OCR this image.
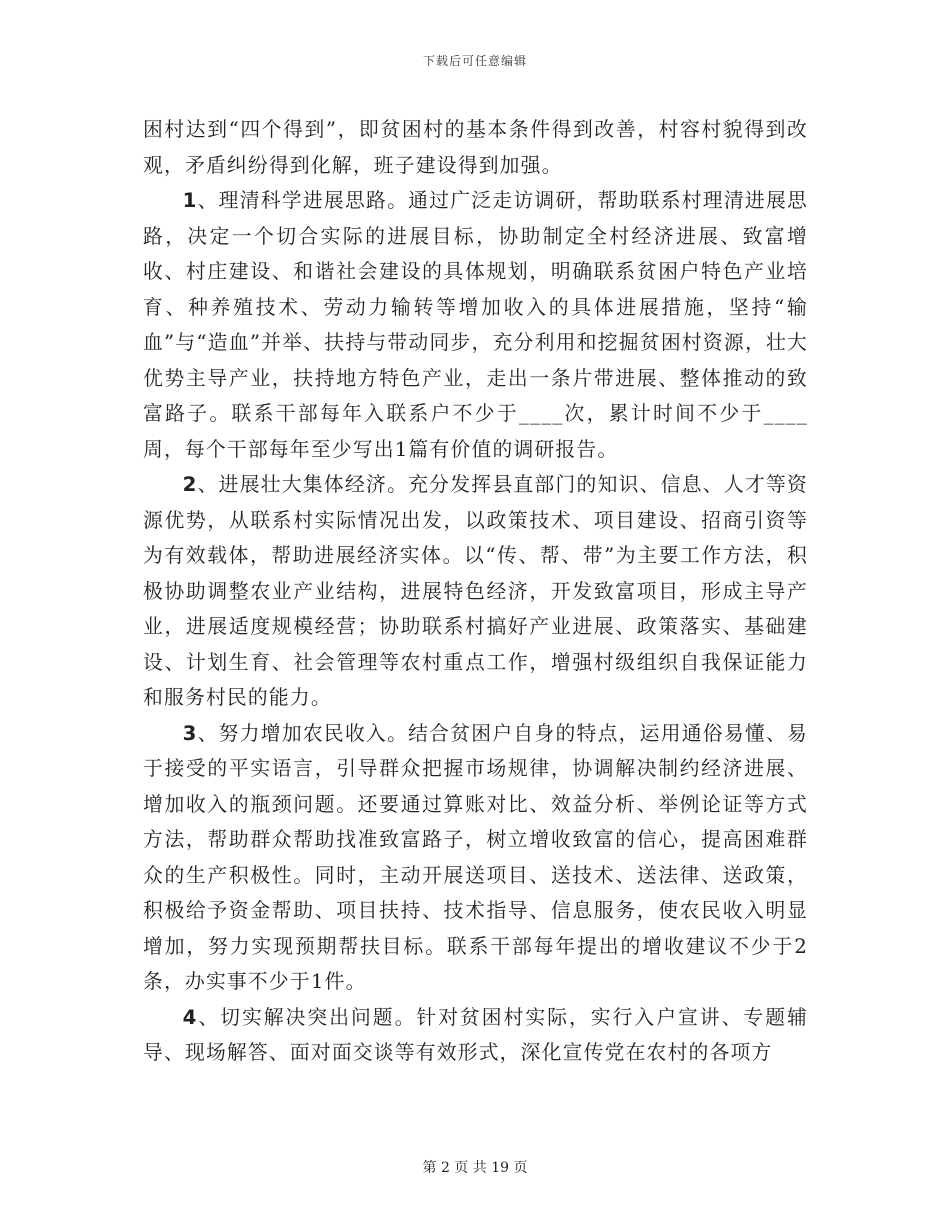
下载后可任意编辑

困村达到“四个得到”，即贫困村的基本条件得到改善，村容村貌得到改观，矛盾纠纷得到化解，班子建设得到加强。

1、理清科学进展思路。通过广泛走访调研，帮助联系村理清进展思路，决定一个切合实际的进展目标，协助制定全村经济进展、致富增收、村庄建设、和谐社会建设的具体规划，明确联系贫困户特色产业培育、种养殖技术、劳动力输转等增加收入的具体进展措施，坚持“输血”与“造血”并举、扶持与带动同步，充分利用和挖掘贫困村资源，壮大优势主导产业，扶持地方特色产业，走出一条片带进展、整体推动的致富路子。联系干部每年入联系户不少于____次，累计时间不少于____周，每个干部每年至少写出1篇有价值的调研报告。

2、进展壮大集体经济。充分发挥县直部门的知识、信息、人才等资源优势，从联系村实际情况出发，以政策技术、项目建设、招商引资等为有效载体，帮助进展经济实体。以“传、帮、带”为主要工作方法，积极协助调整农业产业结构，进展特色经济，开发致富项目，形成主导产业，进展适度规模经营；协助联系村搞好产业进展、政策落实、基础建设、计划生育、社会管理等农村重点工作，增强村级组织自我保证能力和服务村民的能力。

3、努力增加农民收入。结合贫困户自身的特点，运用通俗易懂、易于接受的平实语言，引导群众把握市场规律，协调解决制约经济进展、增加收入的瓶颈问题。还要通过算账对比、效益分析、举例论证等方式方法，帮助群众帮助找准致富路子，树立增收致富的信心，提高困难群众的生产积极性。同时，主动开展送项目、送技术、送法律、送政策，积极给予资金帮助、项目扶持、技术指导、信息服务，使农民收入明显增加，努力实现预期帮扶目标。联系干部每年提出的增收建议不少于2条，办实事不少于1件。

4、切实解决突出问题。针对贫困村实际，实行入户宣讲、专题辅导、现场解答、面对面交谈等有效形式，深化宣传党在农村的各项方

第 2 页 共 19 页
